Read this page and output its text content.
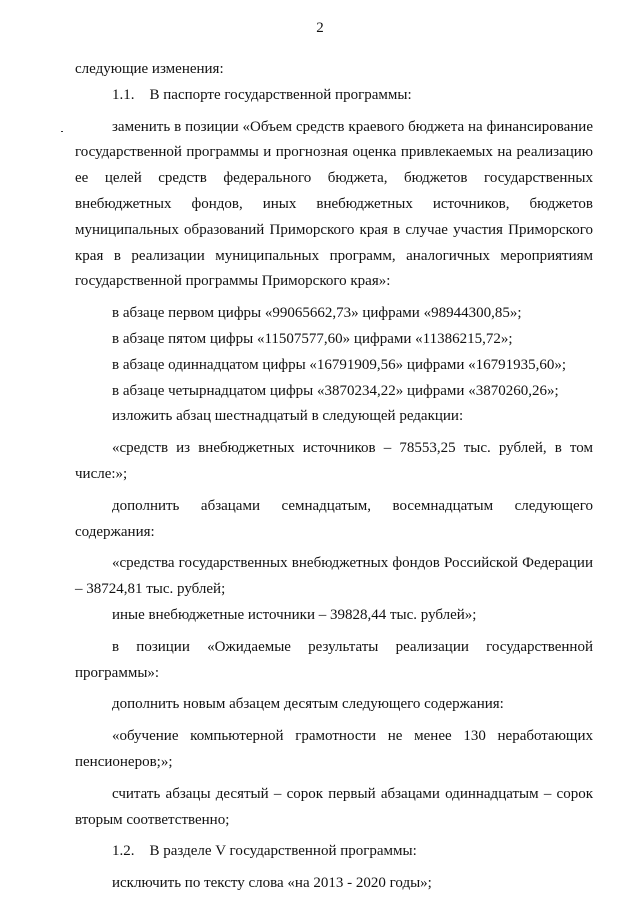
2

следующие изменения:

1.1. В паспорте государственной программы:

заменить в позиции «Объем средств краевого бюджета на финансирование государственной программы и прогнозная оценка привлекаемых на реализацию ее целей средств федерального бюджета, бюджетов государственных внебюджетных фондов, иных внебюджетных источников, бюджетов муниципальных образований Приморского края в случае участия Приморского края в реализации муниципальных программ, аналогичных мероприятиям государственной программы Приморского края»:

в абзаце первом цифры «99065662,73» цифрами «98944300,85»;

в абзаце пятом цифры «11507577,60» цифрами «11386215,72»;

в абзаце одиннадцатом цифры «16791909,56» цифрами «16791935,60»;

в абзаце четырнадцатом цифры «3870234,22» цифрами «3870260,26»;

изложить абзац шестнадцатый в следующей редакции:

«средств из внебюджетных источников – 78553,25 тыс. рублей, в том числе:»;

дополнить абзацами семнадцатым, восемнадцатым следующего содержания:

«средства государственных внебюджетных фондов Российской Федерации – 38724,81 тыс. рублей;

иные внебюджетные источники – 39828,44 тыс. рублей»;

в позиции «Ожидаемые результаты реализации государственной программы»:

дополнить новым абзацем десятым следующего содержания:

«обучение компьютерной грамотности не менее 130 неработающих пенсионеров;»;

считать абзацы десятый – сорок первый абзацами одиннадцатым – сорок вторым соответственно;

1.2. В разделе V государственной программы:

исключить по тексту слова «на 2013 - 2020 годы»;
